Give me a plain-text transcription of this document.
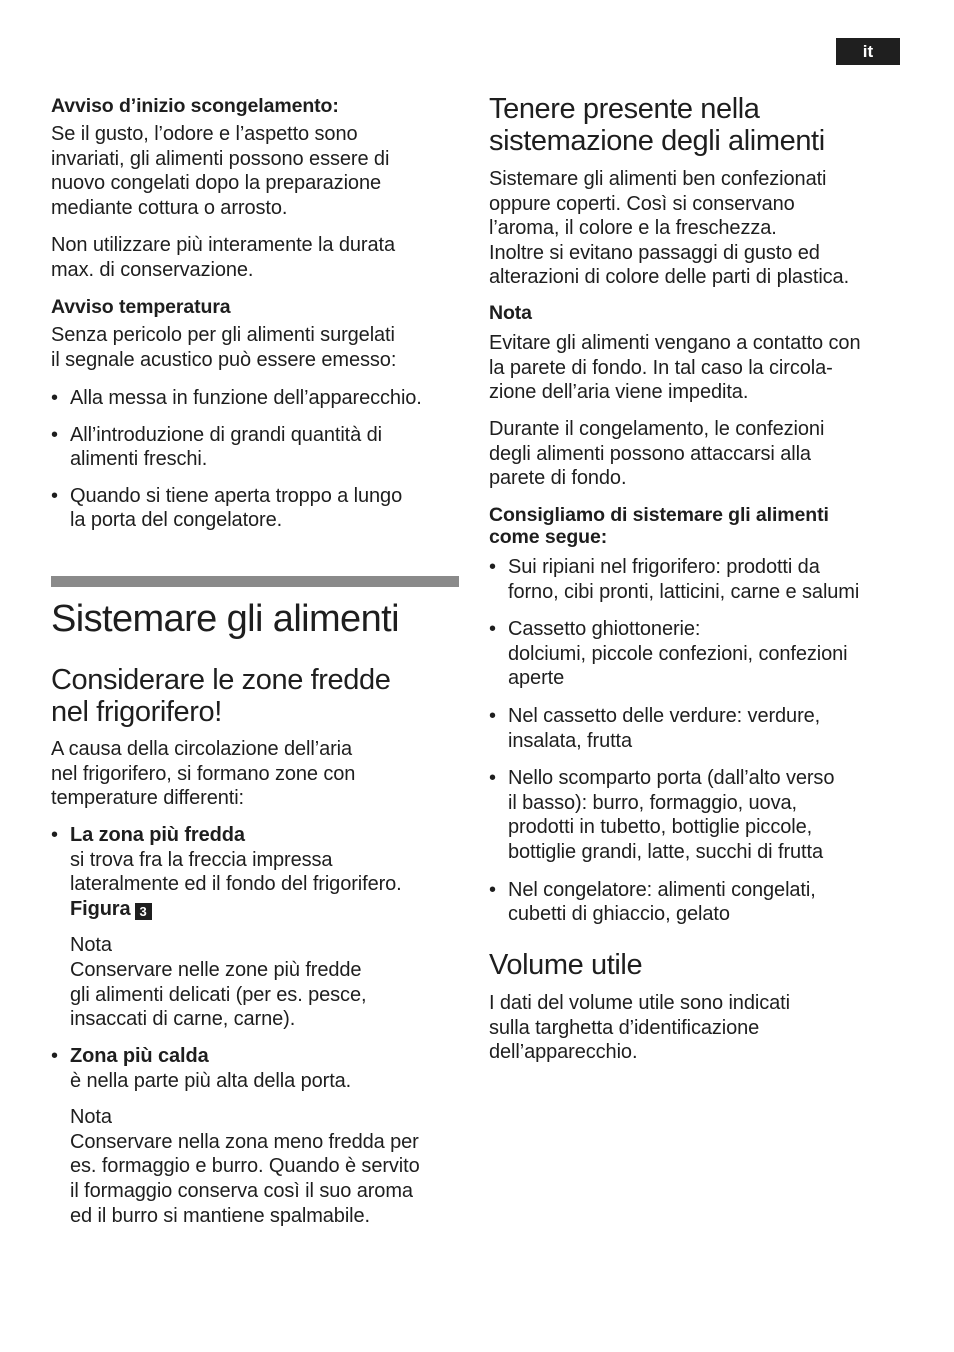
it

Avviso d’inizio scongelamento:

Se il gusto, l’odore e l’aspetto sono

invariati, gli alimenti possono essere di

nuovo congelati dopo la preparazione

mediante cottura o arrosto.

Non utilizzare più interamente la durata

max. di conservazione.

Avviso temperatura

Senza pericolo per gli alimenti surgelati

il segnale acustico può essere emesso:

• Alla messa in funzione dell’apparecchio.

• All’introduzione di grandi quantità di

alimenti freschi.

• Quando si tiene aperta troppo a lungo

la porta del congelatore.

Sistemare gli alimenti
Considerare le zone fredde
nel frigorifero!

A causa della circolazione dell’aria

nel frigorifero, si formano zone con

temperature differenti:

• La zona più fredda

si trova fra la freccia impressa

lateralmente ed il fondo del frigorifero.

Figura 3

Nota

Conservare nelle zone più fredde

gli alimenti delicati (per es. pesce,

insaccati di carne, carne).

• Zona più calda

è nella parte più alta della porta.

Nota

Conservare nella zona meno fredda per

es. formaggio e burro. Quando è servito

il formaggio conserva così il suo aroma

ed il burro si mantiene spalmabile.

Tenere presente nella
sistemazione degli alimenti

Sistemare gli alimenti ben confezionati

oppure coperti. Così si conservano

l’aroma, il colore e la freschezza.

Inoltre si evitano passaggi di gusto ed

alterazioni di colore delle parti di plastica.

Nota

Evitare gli alimenti vengano a contatto con

la parete di fondo. In tal caso la circola-

zione dell’aria viene impedita.

Durante il congelamento, le confezioni

degli alimenti possono attaccarsi alla

parete di fondo.

Consigliamo di sistemare gli alimenti

come segue:

• Sui ripiani nel frigorifero: prodotti da

forno, cibi pronti, latticini, carne e salumi

• Cassetto ghiottonerie:

dolciumi, piccole confezioni, confezioni

aperte

• Nel cassetto delle verdure: verdure,

insalata, frutta

• Nello scomparto porta (dall’alto verso

il basso): burro, formaggio, uova,

prodotti in tubetto, bottiglie piccole,

bottiglie grandi, latte, succhi di frutta

• Nel congelatore: alimenti congelati,

cubetti di ghiaccio, gelato

Volume utile

I dati del volume utile sono indicati

sulla targhetta d’identificazione

dell’apparecchio.
